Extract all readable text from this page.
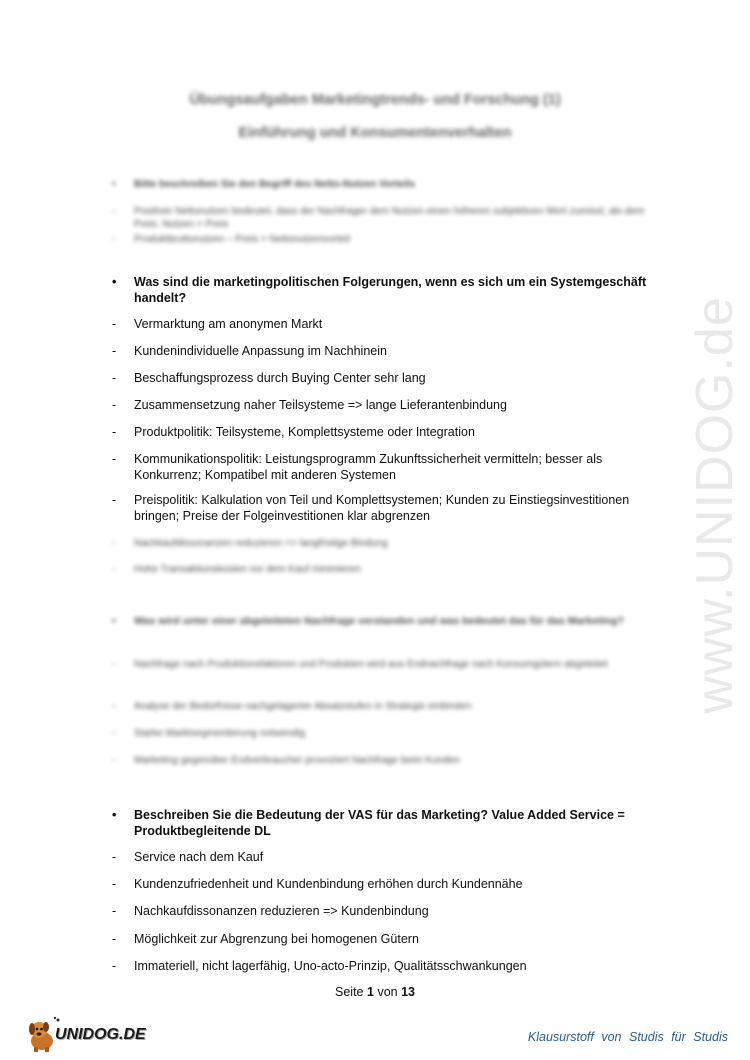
www.UNIDOG.de
Übungsaufgaben Marketingtrends- und Forschung (1)
Einführung und Konsumentenverhalten
• Bitte beschreiben Sie den Begriff des Netto-Nutzen Vorteils
- Positiver Nettonutzen bedeutet, dass der Nachfrager dem Nutzen einen höheren subjektiven Wert zumisst, als dem Preis. Nutzen > Preis
- Produktbruttonutzen – Preis = Nettonutzenvorteil
• Was sind die marketingpolitischen Folgerungen, wenn es sich um ein Systemgeschäft handelt?
- Vermarktung am anonymen Markt
- Kundenindividuelle Anpassung im Nachhinein
- Beschaffungsprozess durch Buying Center sehr lang
- Zusammensetzung naher Teilsysteme => lange Lieferantenbindung
- Produktpolitik: Teilsysteme, Komplettsysteme oder Integration
- Kommunikationspolitik: Leistungsprogramm Zukunftssicherheit vermitteln; besser als Konkurrenz; Kompatibel mit anderen Systemen
- Preispolitik: Kalkulation von Teil und Komplettsystemen; Kunden zu Einstiegsinvestitionen bringen; Preise der Folgeinvestitionen klar abgrenzen
- Nachkaufdissonanzen reduzieren => langfristige Bindung
- Hohe Transaktionskosten vor dem Kauf minimieren
• Was wird unter einer abgeleiteten Nachfrage verstanden und was bedeutet das für das Marketing?
- Nachfrage nach Produktionsfaktoren und Produkten wird aus Endnachfrage nach Konsumgütern abgeleitet
- Analyse der Bedürfnisse nachgelagerter Absatzstufen in Strategie einbinden
- Starke Marktsegmentierung notwendig
- Marketing gegenüber Endverbraucher provoziert Nachfrage beim Kunden
• Beschreiben Sie die Bedeutung der VAS für das Marketing? Value Added Service = Produktbegleitende DL
- Service nach dem Kauf
- Kundenzufriedenheit und Kundenbindung erhöhen durch Kundennähe
- Nachkaufdissonanzen reduzieren => Kundenbindung
- Möglichkeit zur Abgrenzung bei homogenen Gütern
- Immateriell, nicht lagerfähig, Uno-acto-Prinzip, Qualitätsschwankungen
Seite 1 von 13
UNIDOG.DE	Klausurstoff von Studis für Studis
